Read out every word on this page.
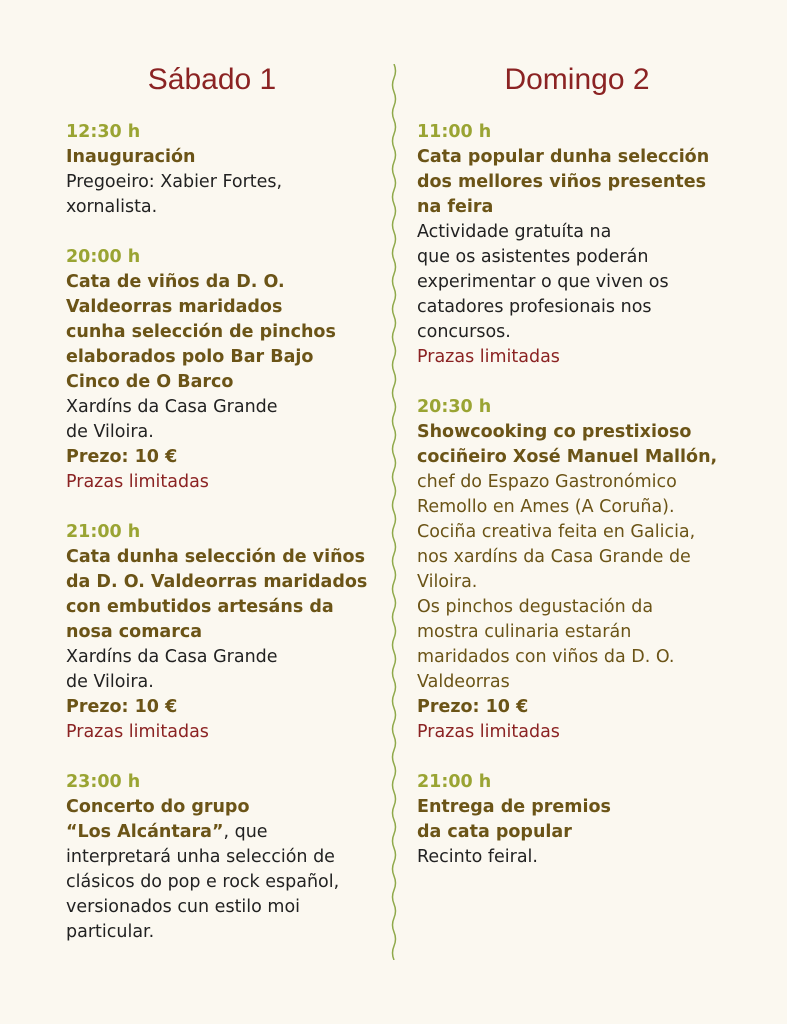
Sábado 1
12:30 h
Inauguración
Pregoeiro: Xabier Fortes,
xornalista.
20:00 h
Cata de viños da D. O.
Valdeorras maridados
cunha selección de pinchos
elaborados polo Bar Bajo
Cinco de O Barco
Xardíns da Casa Grande
de Viloira.
Prezo: 10 €
Prazas limitadas
21:00 h
Cata dunha selección de viños
da D. O. Valdeorras maridados
con embutidos artesáns da
nosa comarca
Xardíns da Casa Grande
de Viloira.
Prezo: 10 €
Prazas limitadas
23:00 h
Concerto do grupo
“Los Alcántara”, que
interpretará unha selección de
clásicos do pop e rock español,
versionados cun estilo moi
particular.
Domingo 2
11:00 h
Cata popular dunha selección
dos mellores viños presentes
na feira
Actividade gratuíta na
que os asistentes poderán
experimentar o que viven os
catadores profesionais nos
concursos.
Prazas limitadas
20:30 h
Showcooking co prestixioso
cociñeiro Xosé Manuel Mallón,
chef do Espazo Gastronómico
Remollo en Ames (A Coruña).
Cociña creativa feita en Galicia,
nos xardíns da Casa Grande de
Viloira.
Os pinchos degustación da
mostra culinaria estarán
maridados con viños da D. O.
Valdeorras
Prezo: 10 €
Prazas limitadas
21:00 h
Entrega de premios
da cata popular
Recinto feiral.
